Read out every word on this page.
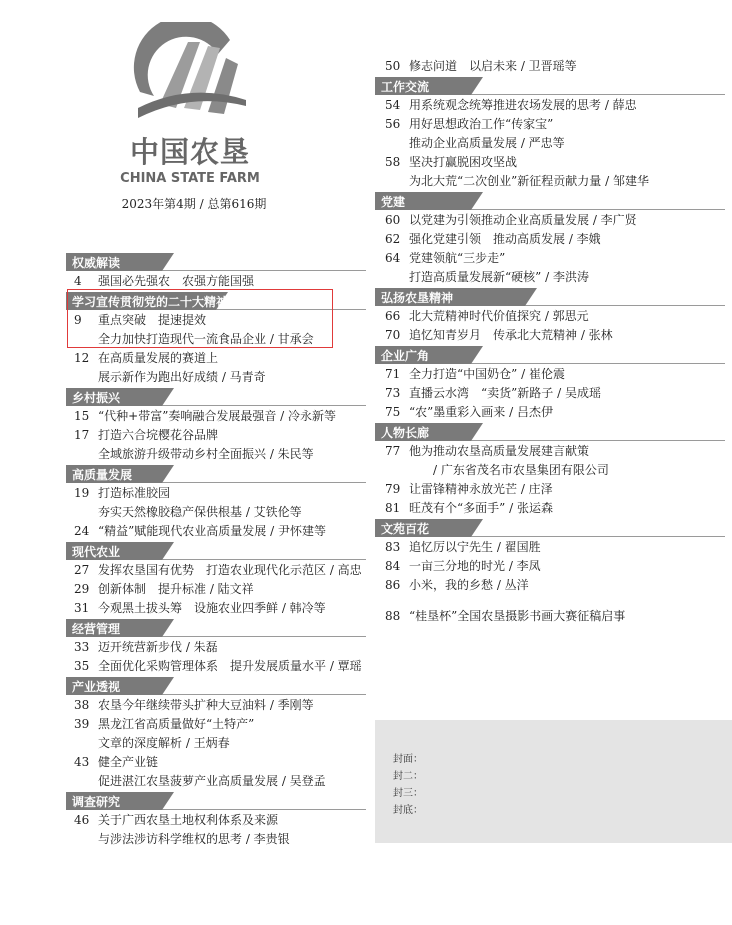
中国农垦
CHINA STATE FARM
2023年第4期 / 总第616期
权威解读
4	强国必先强农　农强方能国强
学习宣传贯彻党的二十大精神
9	重点突破　提速提效
全力加快打造现代一流食品企业 / 甘承会
12 在高质量发展的赛道上
展示新作为跑出好成绩 / 马青奇
乡村振兴
15 “代种+带富”奏响融合发展最强音 / 冷永新等
17 打造六合垸樱花谷品牌
全域旅游升级带动乡村全面振兴 / 朱民等
高质量发展
19 打造标准胶园
夯实天然橡胶稳产保供根基 / 艾铁伦等
24 “精益”赋能现代农业高质量发展 / 尹怀建等
现代农业
27 发挥农垦国有优势　打造农业现代化示范区 / 高忠
29 创新体制　提升标准 / 陆文祥
31 今观黑土拔头筹　设施农业四季鲜 / 韩冷等
经营管理
33 迈开统营新步伐 / 朱磊
35 全面优化采购管理体系　提升发展质量水平 / 覃瑶
产业透视
38 农垦今年继续带头扩种大豆油料 / 季刚等
39 黑龙江省高质量做好“土特产”
文章的深度解析 / 王炳春
43 健全产业链
促进湛江农垦菠萝产业高质量发展 / 吴登孟
调查研究
46 关于广西农垦土地权利体系及来源
与涉法涉访科学维权的思考 / 李贵银
50 修志问道　以启未来 / 卫晋瑶等
工作交流
54 用系统观念统筹推进农场发展的思考 / 薛忠
56 用好思想政治工作“传家宝”
推动企业高质量发展 / 严忠等
58 坚决打赢脱困攻坚战
为北大荒“二次创业”新征程贡献力量 / 邹建华
党建
60 以党建为引领推动企业高质量发展 / 李广贤
62 强化党建引领　推动高质发展 / 李娥
64 党建领航“三步走”
打造高质量发展新“硬核” / 李洪涛
弘扬农垦精神
66 北大荒精神时代价值探究 / 郭思元
70 追忆知青岁月　传承北大荒精神 / 张林
企业广角
71 全力打造“中国奶仓” / 崔伦震
73 直播云水湾　“卖货”新路子 / 吴成瑶
75 “农”墨重彩入画来 / 吕杰伊
人物长廊
77 他为推动农垦高质量发展建言献策
　　/ 广东省茂名市农垦集团有限公司
79 让雷锋精神永放光芒 / 庄泽
81 旺茂有个“多面手” / 张运森
文苑百花
83 追忆厉以宁先生 / 翟国胜
84 一亩三分地的时光 / 李凤
86 小米，我的乡愁 / 丛洋
88 “桂垦杯”全国农垦摄影书画大赛征稿启事
封面：
封二：
封三：
封底：
